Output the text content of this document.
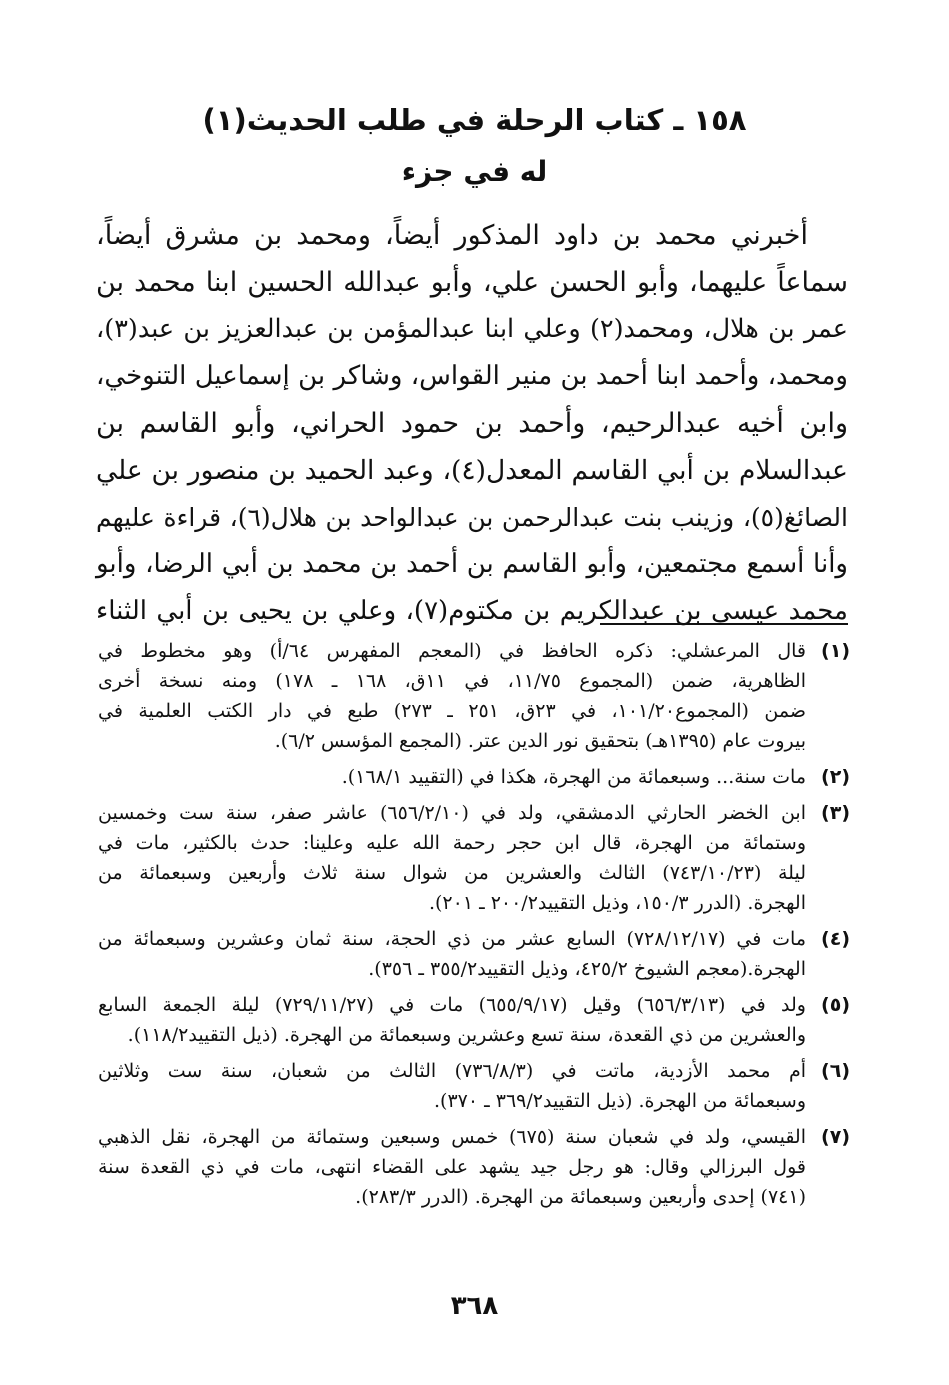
١٥٨ ـ كتاب الرحلة في طلب الحديث(١)
له في جزء
أخبرني محمد بن داود المذكور أيضاً، ومحمد بن مشرق أيضاً،
سماعاً عليهما، وأبو الحسن علي، وأبو عبدالله الحسين ابنا محمد بن
عمر بن هلال، ومحمد(٢) وعلي ابنا عبدالمؤمن بن عبدالعزيز بن عبد(٣)،
ومحمد، وأحمد ابنا أحمد بن منير القواس، وشاكر بن إسماعيل التنوخي،
وابن أخيه عبدالرحيم، وأحمد بن حمود الحراني، وأبو القاسم بن
عبدالسلام بن أبي القاسم المعدل(٤)، وعبد الحميد بن منصور بن علي
الصائغ(٥)، وزينب بنت عبدالرحمن بن عبدالواحد بن هلال(٦)، قراءة عليهم
وأنا أسمع مجتمعين، وأبو القاسم بن أحمد بن محمد بن أبي الرضا، وأبو
محمد عيسى بن عبدالكريم بن مكتوم(٧)، وعلي بن يحيى بن أبي الثناء
(١)
قال المرعشلي: ذكره الحافظ في (المعجم المفهرس ٦٤/أ) وهو مخطوط في
الظاهرية، ضمن (المجموع ١١/٧٥، في ١١ق، ١٦٨ ـ ١٧٨) ومنه نسخة أخرى
ضمن (المجموع١٠١/٢٠، في ٢٣ق، ٢٥١ ـ ٢٧٣) طبع في دار الكتب العلمية في
بيروت عام (١٣٩٥هـ) بتحقيق نور الدين عتر. (المجمع المؤسس ٦/٢).
(٢)
مات سنة... وسبعمائة من الهجرة، هكذا في (التقييد ١٦٨/١).
(٣)
ابن الخضر الحارثي الدمشقي، ولد في (٦٥٦/٢/١٠) عاشر صفر، سنة ست وخمسين
وستمائة من الهجرة، قال ابن حجر رحمة الله عليه وعلينا: حدث بالكثير، مات في
ليلة (٧٤٣/١٠/٢٣) الثالث والعشرين من شوال سنة ثلاث وأربعين وسبعمائة من
الهجرة. (الدرر ١٥٠/٣، وذيل التقييد٢٠٠/٢ ـ ٢٠١).
(٤)
مات في (٧٢٨/١٢/١٧) السابع عشر من ذي الحجة، سنة ثمان وعشرين وسبعمائة من
الهجرة.(معجم الشيوخ ٤٢٥/٢، وذيل التقييد٣٥٥/٢ ـ ٣٥٦).
(٥)
ولد في (٦٥٦/٣/١٣) وقيل (٦٥٥/٩/١٧) مات في (٧٢٩/١١/٢٧) ليلة الجمعة السابع
والعشرين من ذي القعدة، سنة تسع وعشرين وسبعمائة من الهجرة. (ذيل التقييد١١٨/٢).
(٦)
أم محمد الأزدية، ماتت في (٧٣٦/٨/٣) الثالث من شعبان، سنة ست وثلاثين
وسبعمائة من الهجرة. (ذيل التقييد٣٦٩/٢ ـ ٣٧٠).
(٧)
القيسي، ولد في شعبان سنة (٦٧٥) خمس وسبعين وستمائة من الهجرة، نقل الذهبي
قول البرزالي وقال: هو رجل جيد يشهد على القضاء انتهى، مات في ذي القعدة سنة
(٧٤١) إحدى وأربعين وسبعمائة من الهجرة. (الدرر ٢٨٣/٣).
٣٦٨
